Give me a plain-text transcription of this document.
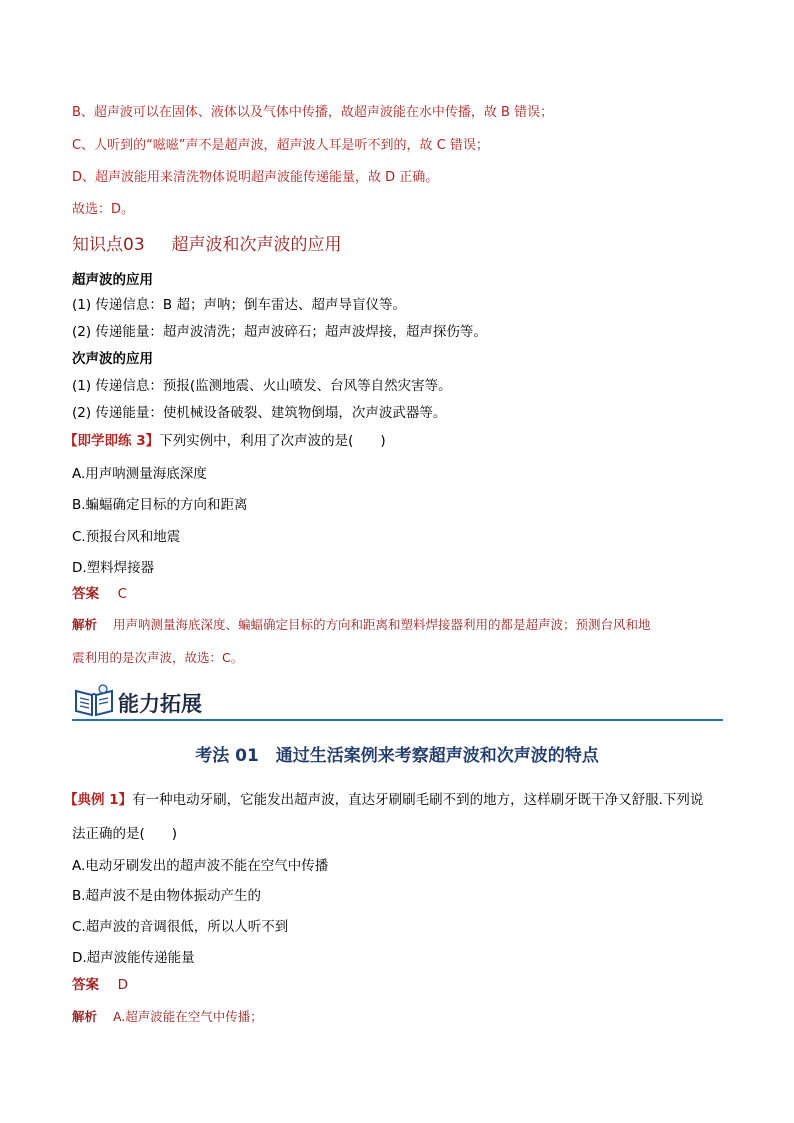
B、超声波可以在固体、液体以及气体中传播，故超声波能在水中传播，故 B 错误；
C、人听到的“嗞嗞”声不是超声波，超声波人耳是听不到的，故 C 错误；
D、超声波能用来清洗物体说明超声波能传递能量，故 D 正确。
故选：D。
知识点03 超声波和次声波的应用
超声波的应用
(1) 传递信息：B 超；声呐；倒车雷达、超声导盲仪等。
(2) 传递能量：超声波清洗；超声波碎石；超声波焊接，超声探伤等。
次声波的应用
(1) 传递信息：预报(监测地震、火山喷发、台风等自然灾害等。
(2) 传递能量：使机械设备破裂、建筑物倒塌，次声波武器等。
【即学即练 3】下列实例中，利用了次声波的是(　　)
A.用声呐测量海底深度
B.蝙蝠确定目标的方向和距离
C.预报台风和地震
D.塑料焊接器
答案 C
解析 用声呐测量海底深度、蝙蝠确定目标的方向和距离和塑料焊接器利用的都是超声波；预测台风和地
震利用的是次声波，故选：C。
能力拓展
考法 01　通过生活案例来考察超声波和次声波的特点
【典例 1】有一种电动牙刷，它能发出超声波，直达牙刷刷毛刷不到的地方，这样刷牙既干净又舒服.下列说
法正确的是(　　)
A.电动牙刷发出的超声波不能在空气中传播
B.超声波不是由物体振动产生的
C.超声波的音调很低，所以人听不到
D.超声波能传递能量
答案 D
解析 A.超声波能在空气中传播；
